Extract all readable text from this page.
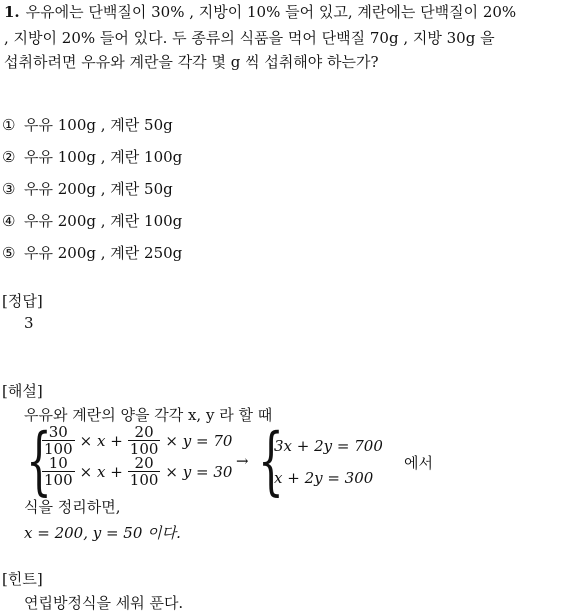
1. 우유에는 단백질이 30% , 지방이 10% 들어 있고, 계란에는 단백질이 20%
, 지방이 20% 들어 있다. 두 종류의 식품을 먹어 단백질 70g , 지방 30g 을
섭취하려면 우유와 계란을 각각 몇 g 씩 섭취해야 하는가?
① 우유 100g , 계란 50g
② 우유 100g , 계란 100g
③ 우유 200g , 계란 50g
④ 우유 200g , 계란 100g
⑤ 우유 200g , 계란 250g
[정답]
3
[해설]
우유와 계란의 양을 각각 x, y 라 할 때
{
$\frac{30}{100} \times x + \frac{20}{100} \times y = 70$
$\frac{10}{100} \times x + \frac{20}{100} \times y = 30$
→ {
3x + 2y = 700
x + 2y = 300
에서
식을 정리하면,
x = 200, y = 50 이다.
[힌트]
연립방정식을 세워 푼다.
